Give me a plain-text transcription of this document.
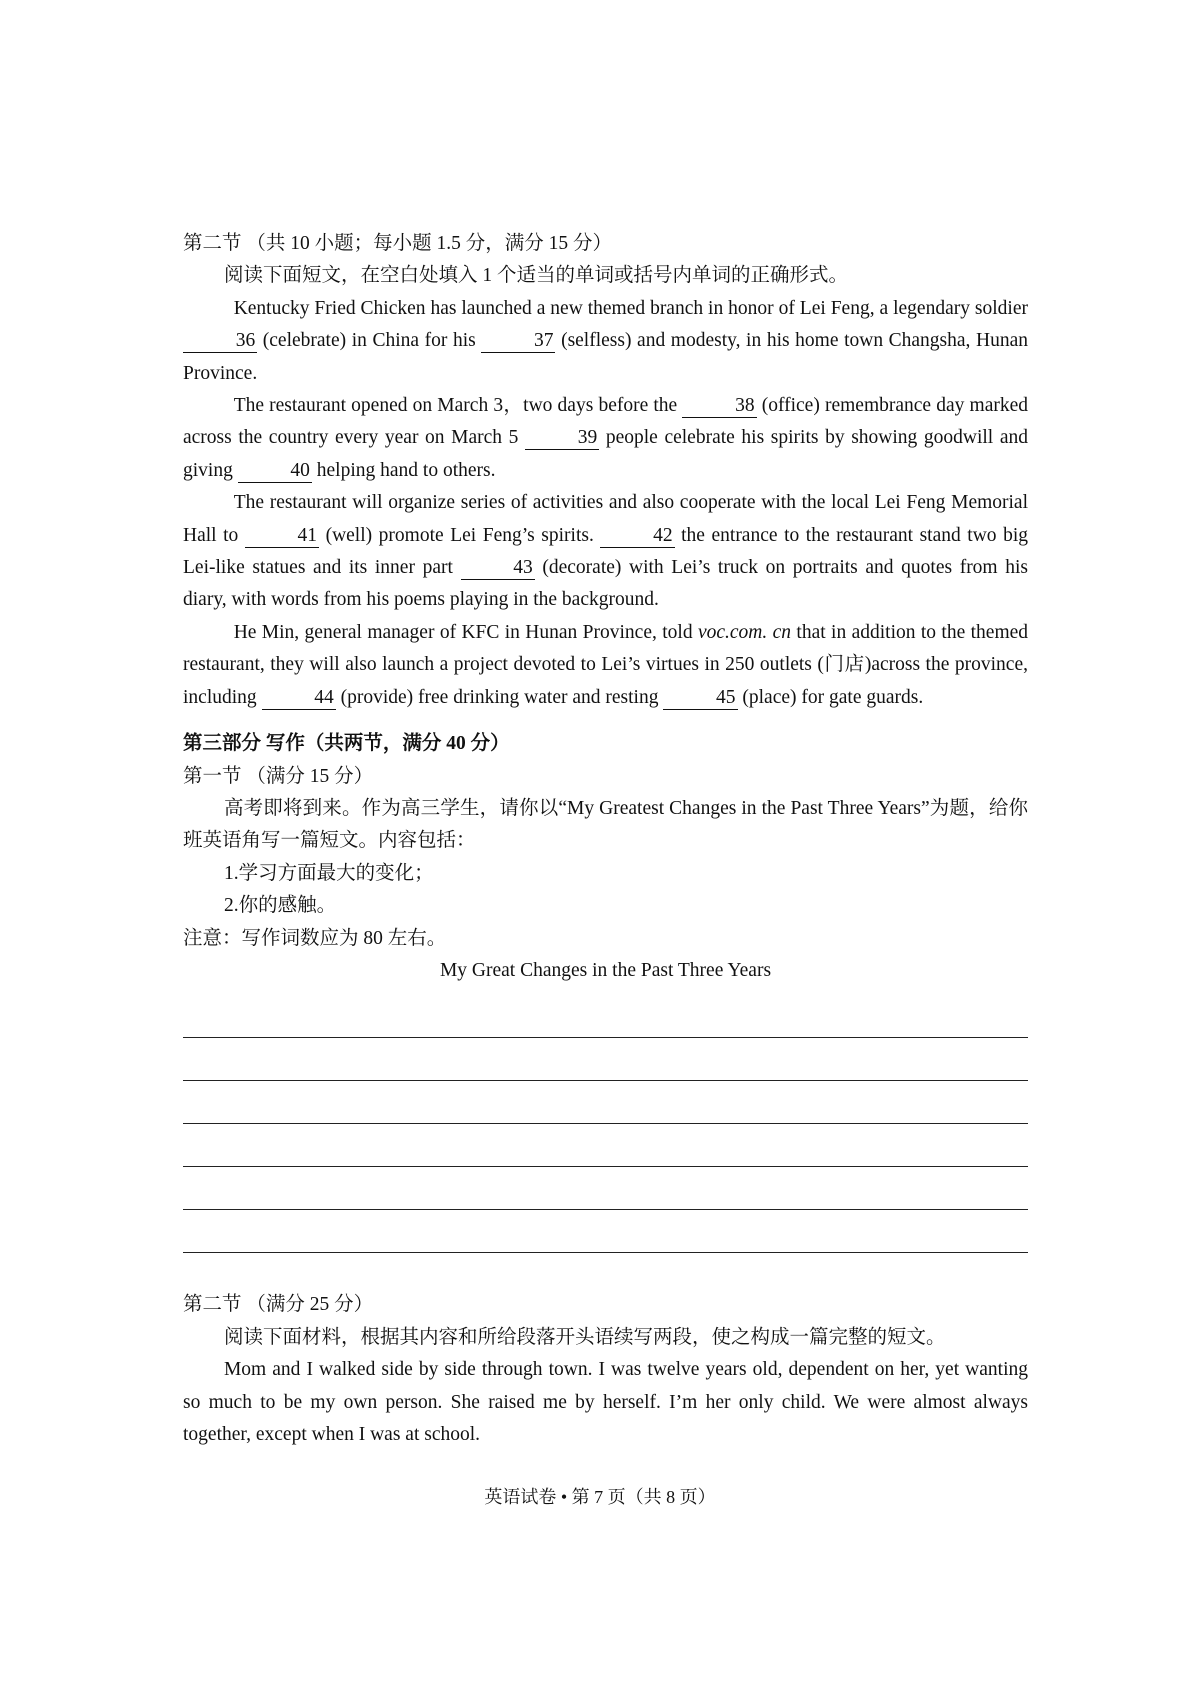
第二节 （共 10 小题；每小题 1.5 分，满分 15 分）

阅读下面短文，在空白处填入 1 个适当的单词或括号内单词的正确形式。

Kentucky Fried Chicken has launched a new themed branch in honor of Lei Feng, a legendary soldier 36 (celebrate) in China for his	37 (selfless) and modesty, in his home town Changsha, Hunan Province.

The restaurant opened on March 3，two days before the	38 (office) remembrance day marked across the country every year on March 5	39 people celebrate his spirits by showing goodwill and giving	40 helping hand to others.

The restaurant will organize series of activities and also cooperate with the local Lei Feng Memorial Hall to	41 (well) promote Lei Feng’s spirits.	42 the entrance to the restaurant stand two big Lei-like statues and its inner part	43 (decorate) with Lei’s truck on portraits and quotes from his diary, with words from his poems playing in the background.

He Min, general manager of KFC in Hunan Province, told voc.com. cn that in addition to the themed restaurant, they will also launch a project devoted to Lei’s virtues in 250 outlets (门店)across the province, including	44 (provide) free drinking water and resting	45 (place) for gate guards.

第三部分 写作（共两节，满分 40 分）

第一节 （满分 15 分）

高考即将到来。作为高三学生，请你以“My Greatest Changes in the Past Three Years”为题，给你班英语角写一篇短文。内容包括：

1.学习方面最大的变化；

2.你的感触。

注意：写作词数应为 80 左右。

My Great Changes in the Past Three Years

第二节 （满分 25 分）

阅读下面材料，根据其内容和所给段落开头语续写两段，使之构成一篇完整的短文。

Mom and I walked side by side through town. I was twelve years old, dependent on her, yet wanting so much to be my own person. She raised me by herself. I’m her only child. We were almost always together, except when I was at school.

英语试卷 • 第 7 页（共 8 页）
